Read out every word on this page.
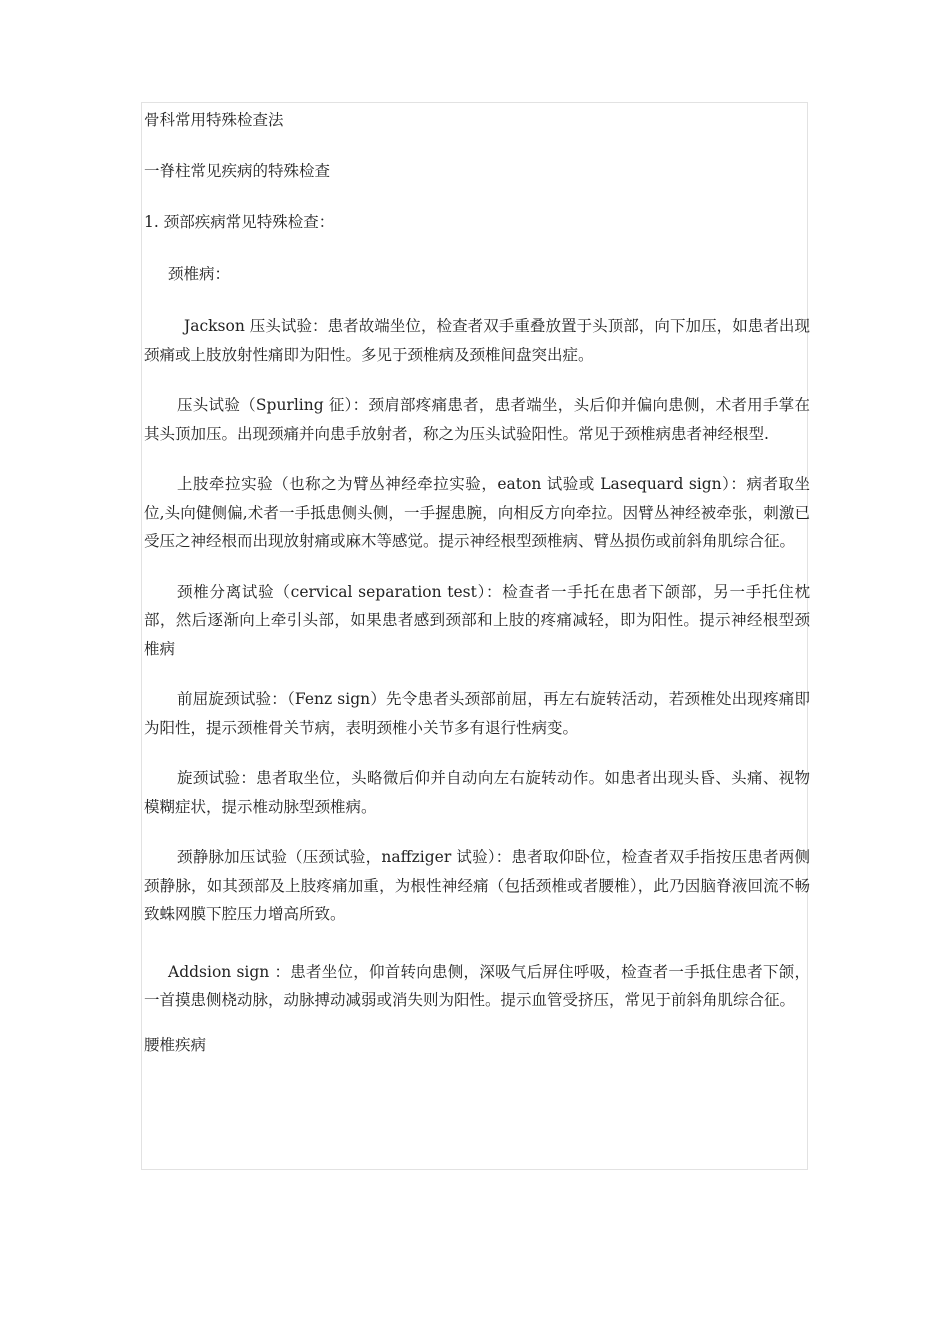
骨科常用特殊检查法

一脊柱常见疾病的特殊检查

1. 颈部疾病常见特殊检查：

颈椎病：

Jackson 压头试验：患者故端坐位，检查者双手重叠放置于头顶部，向下加压，如患者出现颈痛或上肢放射性痛即为阳性。多见于颈椎病及颈椎间盘突出症。

压头试验（Spurling 征）：颈肩部疼痛患者，患者端坐，头后仰并偏向患侧，术者用手掌在其头顶加压。出现颈痛并向患手放射者，称之为压头试验阳性。常见于颈椎病患者神经根型.

上肢牵拉实验（也称之为臂丛神经牵拉实验，eaton 试验或 Lasequard sign）：病者取坐位,头向健侧偏,术者一手抵患侧头侧，一手握患腕，向相反方向牵拉。因臂丛神经被牵张，刺激已受压之神经根而出现放射痛或麻木等感觉。提示神经根型颈椎病、臂丛损伤或前斜角肌综合征。

颈椎分离试验（cervical separation test）：检查者一手托在患者下颌部，另一手托住枕部，然后逐渐向上牵引头部，如果患者感到颈部和上肢的疼痛减轻，即为阳性。提示神经根型颈椎病

前屈旋颈试验：（Fenz sign）先令患者头颈部前屈，再左右旋转活动，若颈椎处出现疼痛即为阳性，提示颈椎骨关节病，表明颈椎小关节多有退行性病变。

旋颈试验：患者取坐位，头略微后仰并自动向左右旋转动作。如患者出现头昏、头痛、视物模糊症状，提示椎动脉型颈椎病。

颈静脉加压试验（压颈试验，naffziger 试验）：患者取仰卧位，检查者双手指按压患者两侧颈静脉，如其颈部及上肢疼痛加重，为根性神经痛（包括颈椎或者腰椎），此乃因脑脊液回流不畅致蛛网膜下腔压力增高所致。

Addsion sign ：患者坐位，仰首转向患侧，深吸气后屏住呼吸，检查者一手抵住患者下颌，一首摸患侧桡动脉，动脉搏动减弱或消失则为阳性。提示血管受挤压，常见于前斜角肌综合征。

腰椎疾病
